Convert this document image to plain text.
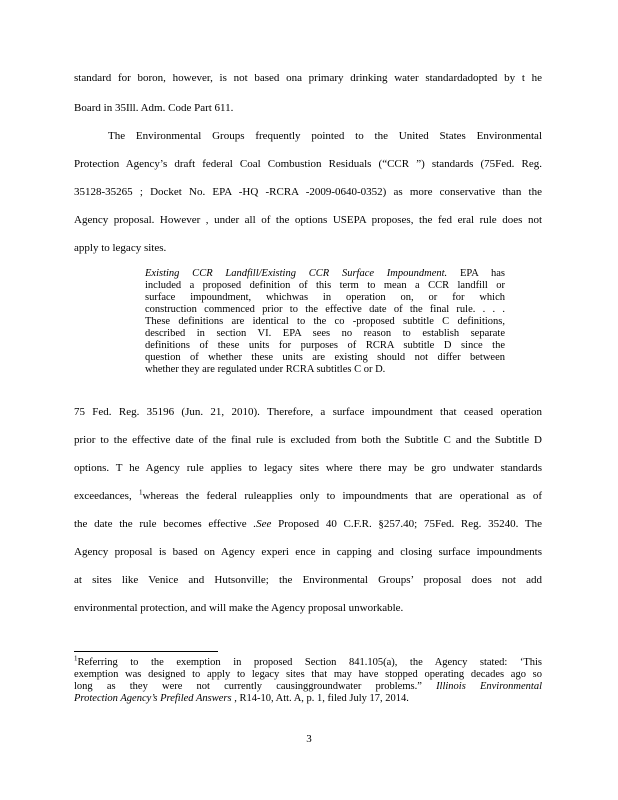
standard for boron, however, is not based ona primary drinking water standardadopted by t he
Board in 35Ill. Adm. Code Part 611.
The Environmental Groups frequently pointed to the United States Environmental
Protection Agency’s draft federal Coal Combustion Residuals (“CCR ”) standards (75Fed. Reg.
35128-35265 ; Docket No. EPA -HQ -RCRA -2009-0640-0352) as more conservative than the
Agency proposal. However , under all of the options USEPA proposes, the fed eral rule does not
apply to legacy sites.
Existing CCR Landfill/Existing CCR Surface Impoundment. EPA has
included a proposed definition of this term to mean a CCR landfill or
surface impoundment, whichwas in operation on, or for which
construction commenced prior to the effective date of the final rule. . . .
These definitions are identical to the co -proposed subtitle C definitions,
described in section VI. EPA sees no reason to establish separate
definitions of these units for purposes of RCRA subtitle D since the
question of whether these units are existing should not differ between
whether they are regulated under RCRA subtitles C or D.
75 Fed. Reg. 35196 (Jun. 21, 2010). Therefore, a surface impoundment that ceased operation
prior to the effective date of the final rule is excluded from both the Subtitle C and the Subtitle D
options. T he Agency rule applies to legacy sites where there may be gro undwater standards
exceedances, $^1$whereas the federal ruleapplies only to impoundments that are operational as of
the date the rule becomes effective .See Proposed 40 C.F.R. §257.40; 75Fed. Reg. 35240. The
Agency proposal is based on Agency experi ence in capping and closing surface impoundments
at sites like Venice and Hutsonville; the Environmental Groups’ proposal does not add
environmental protection, and will make the Agency proposal unworkable.
$^1$Referring to the exemption in proposed Section 841.105(a), the Agency stated: ‘This
exemption was designed to apply to legacy sites that may have stopped operating decades ago so
long as they were not currently causinggroundwater problems.” Illinois Environmental
Protection Agency’s Prefiled Answers , R14-10, Att. A, p. 1, filed July 17, 2014.
3
